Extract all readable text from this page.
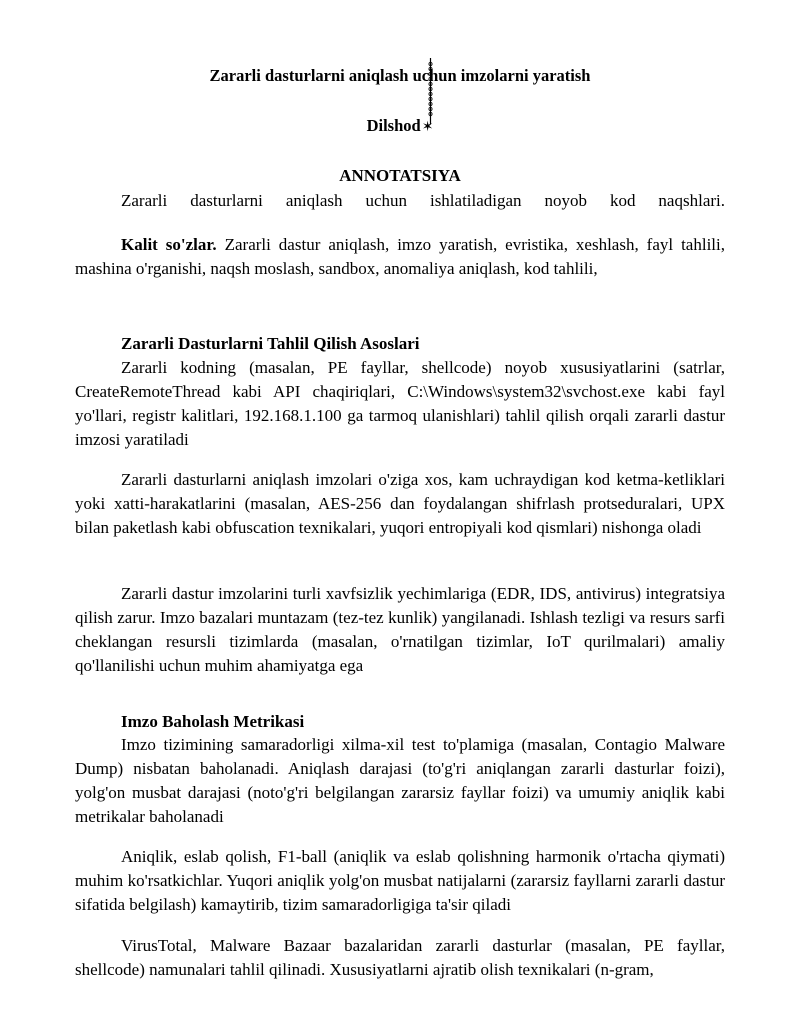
Zararli dasturlarni aniqlash uchun imzolarni yaratish
Dilshod✶
ANNOTATSIYA

Zararli dasturlarni aniqlash uchun ishlatiladigan noyob kod naqshlari.

Kalit so'zlar. Zararli dastur aniqlash, imzo yaratish, evristika, xeshlash, fayl tahlili, mashina o'rganishi, naqsh moslash, sandbox, anomaliya aniqlash, kod tahlili,

Zararli Dasturlarni Tahlil Qilish Asoslari

Zararli kodning (masalan, PE fayllar, shellcode) noyob xususiyatlarini (satrlar, CreateRemoteThread kabi API chaqiriqlari, C:\Windows\system32\svchost.exe kabi fayl yo'llari, registr kalitlari, 192.168.1.100 ga tarmoq ulanishlari) tahlil qilish orqali zararli dastur imzosi yaratiladi

Zararli dasturlarni aniqlash imzolari o'ziga xos, kam uchraydigan kod ketma-ketliklari yoki xatti-harakatlarini (masalan, AES-256 dan foydalangan shifrlash protseduralari, UPX bilan paketlash kabi obfuscation texnikalari, yuqori entropiyali kod qismlari) nishonga oladi

Zararli dastur imzolarini turli xavfsizlik yechimlariga (EDR, IDS, antivirus) integratsiya qilish zarur. Imzo bazalari muntazam (tez-tez kunlik) yangilanadi. Ishlash tezligi va resurs sarfi cheklangan resursli tizimlarda (masalan, o'rnatilgan tizimlar, IoT qurilmalari) amaliy qo'llanilishi uchun muhim ahamiyatga ega

Imzo Baholash Metrikasi

Imzo tizimining samaradorligi xilma-xil test to'plamiga (masalan, Contagio Malware Dump) nisbatan baholanadi. Aniqlash darajasi (to'g'ri aniqlangan zararli dasturlar foizi), yolg'on musbat darajasi (noto'g'ri belgilangan zararsiz fayllar foizi) va umumiy aniqlik kabi metrikalar baholanadi

Aniqlik, eslab qolish, F1-ball (aniqlik va eslab qolishning harmonik o'rtacha qiymati) muhim ko'rsatkichlar. Yuqori aniqlik yolg'on musbat natijalarni (zararsiz fayllarni zararli dastur sifatida belgilash) kamaytirib, tizim samaradorligiga ta'sir qiladi

VirusTotal, Malware Bazaar bazalaridan zararli dasturlar (masalan, PE fayllar, shellcode) namunalari tahlil qilinadi. Xususiyatlarni ajratib olish texnikalari (n-gram,
